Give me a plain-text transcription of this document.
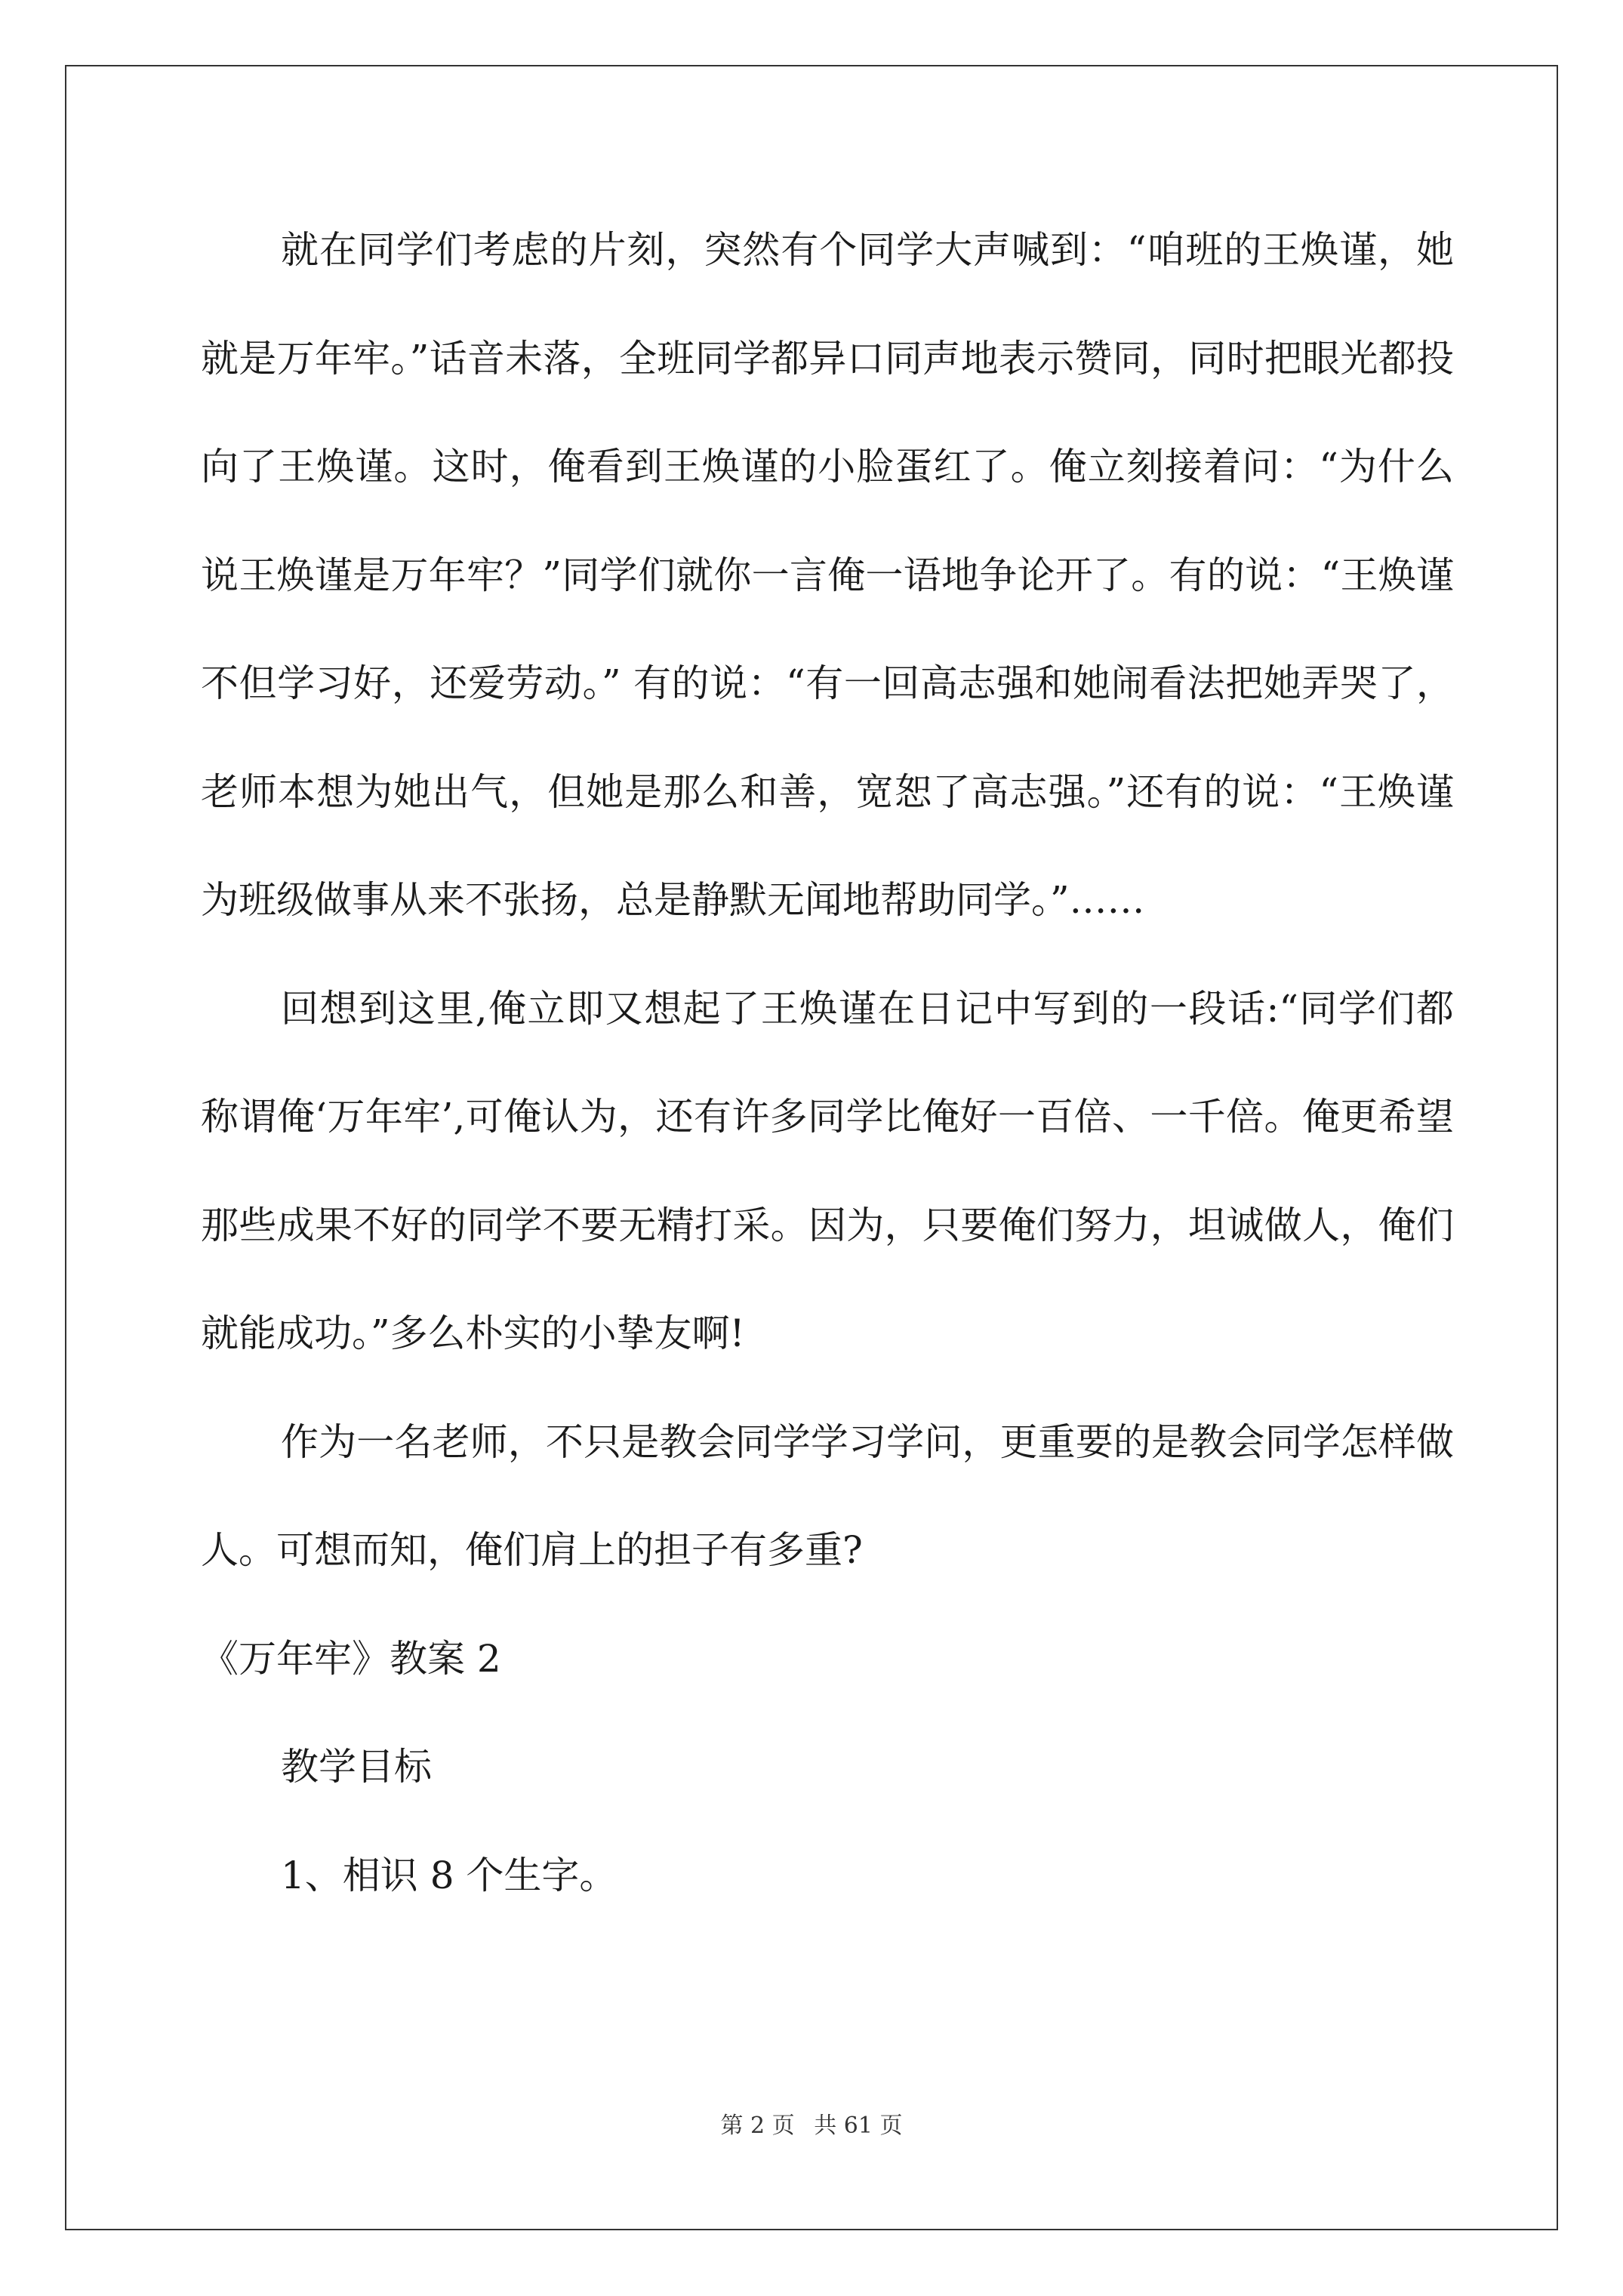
就在同学们考虑的片刻，突然有个同学大声喊到：“咱班的王焕谨，她就是万年牢。”话音未落，全班同学都异口同声地表示赞同，同时把眼光都投向了王焕谨。这时，俺看到王焕谨的小脸蛋红了。俺立刻接着问：“为什么说王焕谨是万年牢？”同学们就你一言俺一语地争论开了。有的说：“王焕谨不但学习好，还爱劳动。” 有的说：“有一回高志强和她闹看法把她弄哭了，老师本想为她出气，但她是那么和善，宽恕了高志强。”还有的说：“王焕谨为班级做事从来不张扬，总是静默无闻地帮助同学。”……

回想到这里,俺立即又想起了王焕谨在日记中写到的一段话:“同学们都称谓俺‘万年牢’,可俺认为，还有许多同学比俺好一百倍、一千倍。俺更希望那些成果不好的同学不要无精打采。因为，只要俺们努力，坦诚做人，俺们就能成功。”多么朴实的小挚友啊!

作为一名老师，不只是教会同学学习学问，更重要的是教会同学怎样做人。可想而知，俺们肩上的担子有多重?

《万年牢》教案 2

教学目标

1、相识 8 个生字。

第 2 页 共 61 页
